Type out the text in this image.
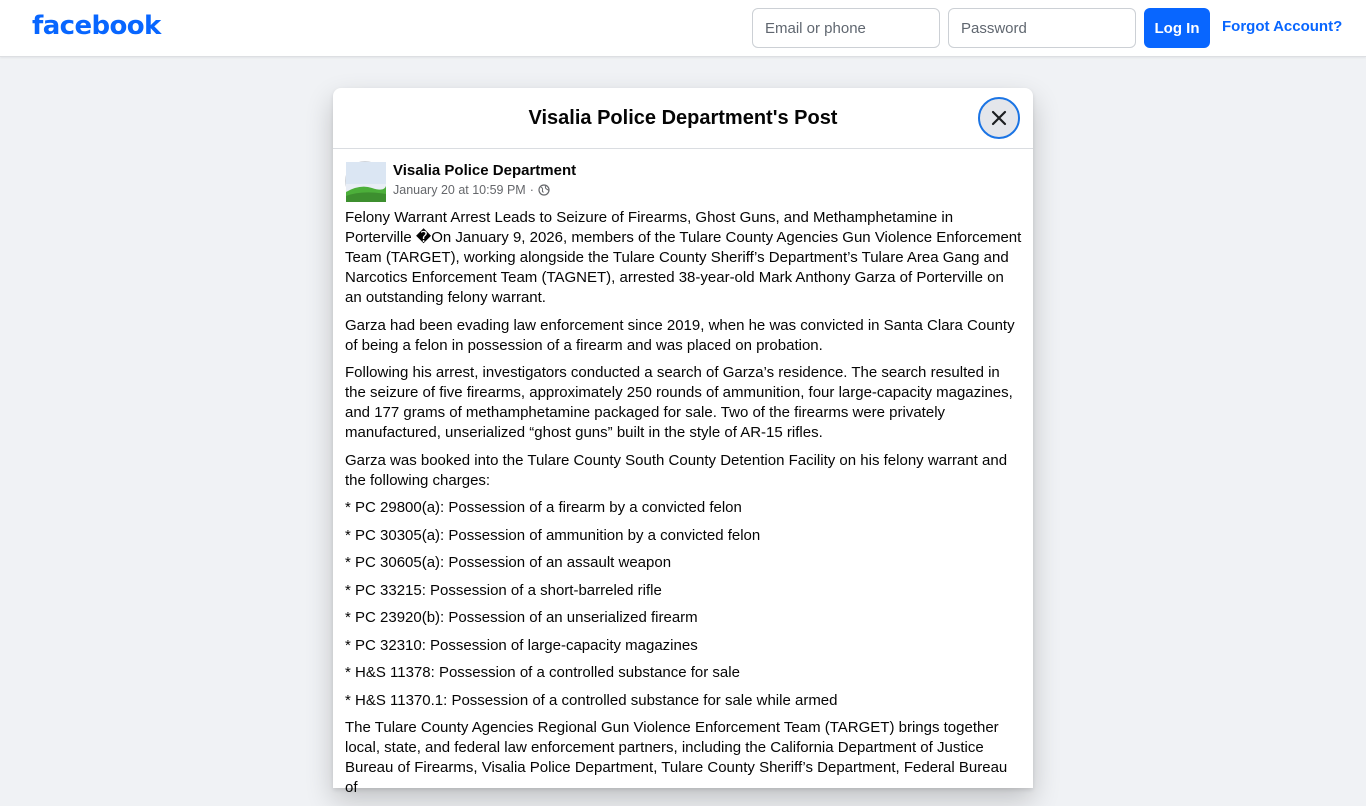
facebook
Email or phone	Log In	Forgot Account?
Visalia Police Department's Post
Visalia Police Department
January 20 at 10:59 PM ·

Felony Warrant Arrest Leads to Seizure of Firearms, Ghost Guns, and Methamphetamine in Porterville �On January 9, 2026, members of the Tulare County Agencies Gun Violence Enforcement Team (TARGET), working alongside the Tulare County Sheriff’s Department’s Tulare Area Gang and Narcotics Enforcement Team (TAGNET), arrested 38-year-old Mark Anthony Garza of Porterville on an outstanding felony warrant.

Garza had been evading law enforcement since 2019, when he was convicted in Santa Clara County of being a felon in possession of a firearm and was placed on probation.

Following his arrest, investigators conducted a search of Garza’s residence. The search resulted in the seizure of five firearms, approximately 250 rounds of ammunition, four large-capacity magazines, and 177 grams of methamphetamine packaged for sale. Two of the firearms were privately manufactured, unserialized “ghost guns” built in the style of AR-15 rifles.

Garza was booked into the Tulare County South County Detention Facility on his felony warrant and the following charges:

* PC 29800(a): Possession of a firearm by a convicted felon

* PC 30305(a): Possession of ammunition by a convicted felon

* PC 30605(a): Possession of an assault weapon

* PC 33215: Possession of a short-barreled rifle

* PC 23920(b): Possession of an unserialized firearm

* PC 32310: Possession of large-capacity magazines

* H&S 11378: Possession of a controlled substance for sale

* H&S 11370.1: Possession of a controlled substance for sale while armed

The Tulare County Agencies Regional Gun Violence Enforcement Team (TARGET) brings together local, state, and federal law enforcement partners, including the California Department of Justice Bureau of Firearms, Visalia Police Department, Tulare County Sheriff’s Department, Federal Bureau of
